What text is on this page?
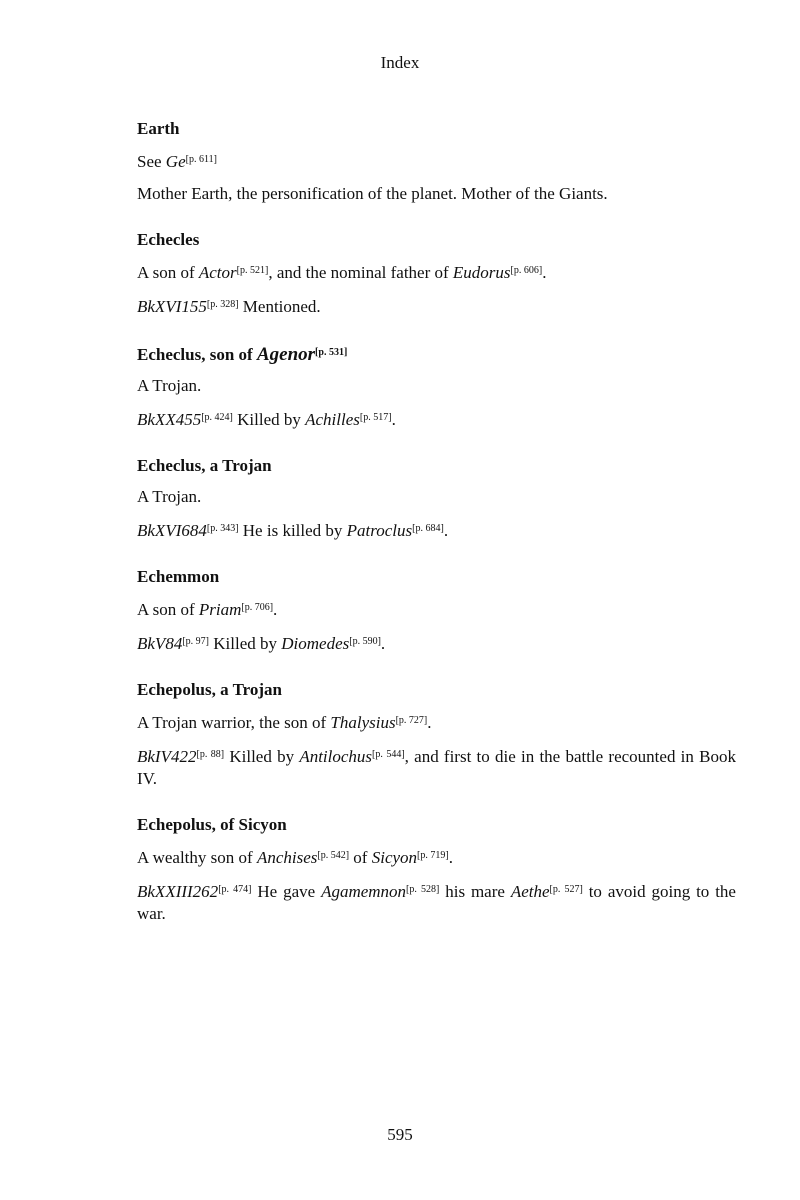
Index
Earth
See Ge[p. 611]
Mother Earth, the personification of the planet. Mother of the Giants.
Echecles
A son of Actor[p. 521], and the nominal father of Eudorus[p. 606].
BkXVI155[p. 328] Mentioned.
Echeclus, son of Agenor[p. 531]
A Trojan.
BkXX455[p. 424] Killed by Achilles[p. 517].
Echeclus, a Trojan
A Trojan.
BkXVI684[p. 343] He is killed by Patroclus[p. 684].
Echemmon
A son of Priam[p. 706].
BkV84[p. 97] Killed by Diomedes[p. 590].
Echepolus, a Trojan
A Trojan warrior, the son of Thalysius[p. 727].
BkIV422[p. 88] Killed by Antilochus[p. 544], and first to die in the battle recounted in Book IV.
Echepolus, of Sicyon
A wealthy son of Anchises[p. 542] of Sicyon[p. 719].
BkXXIII262[p. 474] He gave Agamemnon[p. 528] his mare Aethe[p. 527] to avoid going to the war.
595
